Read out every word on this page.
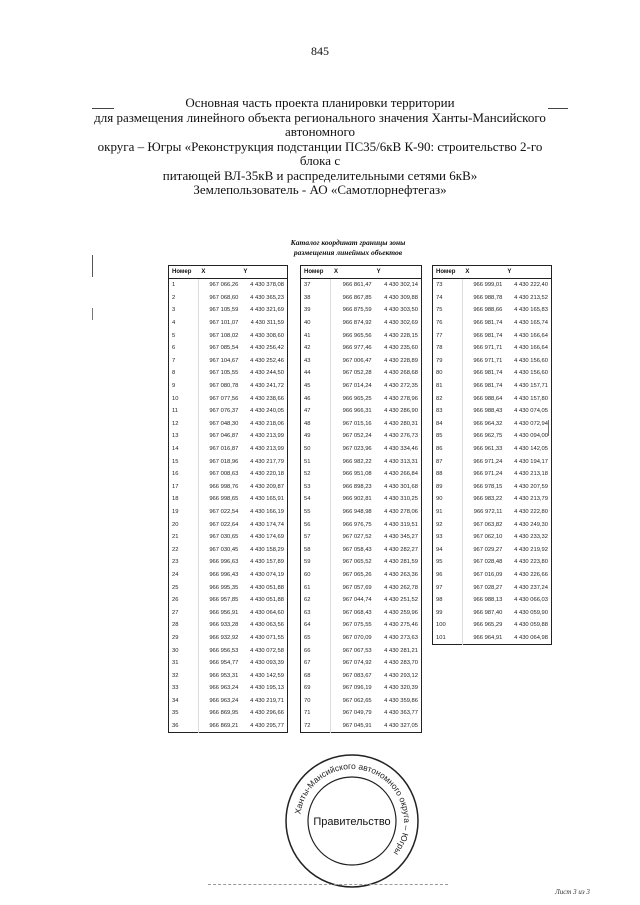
845
Основная часть проекта планировки территории
для размещения линейного объекта регионального значения Ханты-Мансийского автономного
округа – Югры «Реконструкция подстанции ПС35/6кВ К-90: строительство 2-го блока с
питающей ВЛ-35кВ и распределительными сетями 6кВ»
Землепользователь - АО «Самотлорнефтегаз»
Каталог координат границы зоны
размещения линейных объектов
Номер	X	Y
1	967 066,26	4 430 378,08
2	967 068,60	4 430 365,23
3	967 105,59	4 430 321,69
4	967 101,07	4 430 311,59
5	967 108,02	4 430 308,60
6	967 085,54	4 430 256,42
7	967 104,67	4 430 252,46
8	967 105,55	4 430 244,50
9	967 080,78	4 430 241,72
10	967 077,56	4 430 238,66
11	967 076,37	4 430 240,05
12	967 048,30	4 430 218,06
13	967 046,87	4 430 213,99
14	967 016,87	4 430 213,99
15	967 018,96	4 430 217,79
16	967 008,63	4 430 220,18
17	966 998,76	4 430 209,87
18	966 998,65	4 430 165,91
19	967 022,54	4 430 166,19
20	967 022,64	4 430 174,74
21	967 030,65	4 430 174,69
22	967 030,45	4 430 158,29
23	966 996,63	4 430 157,89
24	966 996,43	4 430 074,19
25	966 995,35	4 430 051,88
26	966 957,85	4 430 051,88
27	966 956,91	4 430 064,60
28	966 933,28	4 430 063,56
29	966 932,92	4 430 071,55
30	966 956,53	4 430 072,58
31	966 954,77	4 430 093,39
32	966 953,31	4 430 142,59
33	966 963,24	4 430 195,13
34	966 963,24	4 430 219,71
35	966 869,95	4 430 296,66
36	966 869,21	4 430 295,77
Номер	X	Y
37	966 861,47	4 430 302,14
38	966 867,85	4 430 309,88
39	966 875,59	4 430 303,50
40	966 874,92	4 430 302,69
41	966 965,56	4 430 228,15
42	966 977,46	4 430 235,60
43	967 006,47	4 430 228,89
44	967 052,28	4 430 268,68
45	967 014,24	4 430 272,35
46	966 965,25	4 430 278,96
47	966 966,31	4 430 286,90
48	967 015,16	4 430 280,31
49	967 052,24	4 430 276,73
50	967 023,96	4 430 334,46
51	966 982,22	4 430 313,31
52	966 951,08	4 430 266,84
53	966 898,23	4 430 301,68
54	966 902,81	4 430 310,25
55	966 948,98	4 430 278,06
56	966 976,75	4 430 319,51
57	967 027,52	4 430 345,27
58	967 058,43	4 430 282,27
59	967 065,52	4 430 281,59
60	967 065,26	4 430 263,36
61	967 057,69	4 430 262,78
62	967 044,74	4 430 251,52
63	967 068,43	4 430 259,96
64	967 075,55	4 430 275,46
65	967 070,09	4 430 273,63
66	967 067,53	4 430 281,21
67	967 074,92	4 430 283,70
68	967 083,67	4 430 293,12
69	967 096,19	4 430 320,39
70	967 062,65	4 430 359,86
71	967 049,79	4 430 363,77
72	967 045,91	4 430 327,05
Номер	X	Y
73	966 999,01	4 430 222,40
74	966 988,78	4 430 213,52
75	966 988,66	4 430 165,83
76	966 981,74	4 430 165,74
77	966 981,74	4 430 166,64
78	966 971,71	4 430 166,64
79	966 971,71	4 430 156,60
80	966 981,74	4 430 156,60
81	966 981,74	4 430 157,71
82	966 988,64	4 430 157,80
83	966 988,43	4 430 074,05
84	966 964,32	4 430 072,94
85	966 962,75	4 430 094,00
86	966 961,33	4 430 142,05
87	966 971,24	4 430 194,17
88	966 971,24	4 430 213,18
89	966 978,15	4 430 207,59
90	966 983,22	4 430 213,79
91	966 972,11	4 430 222,80
92	967 063,82	4 430 249,30
93	967 062,10	4 430 233,32
94	967 029,27	4 430 219,92
95	967 028,48	4 430 223,80
96	967 016,09	4 430 226,66
97	967 028,27	4 430 237,24
98	966 988,13	4 430 066,03
99	966 987,40	4 430 059,90
100	966 965,29	4 430 059,88
101	966 964,91	4 430 064,98
Ханты-Мансийского автономного округа – Югры
Правительство
Лист 3 из 3
